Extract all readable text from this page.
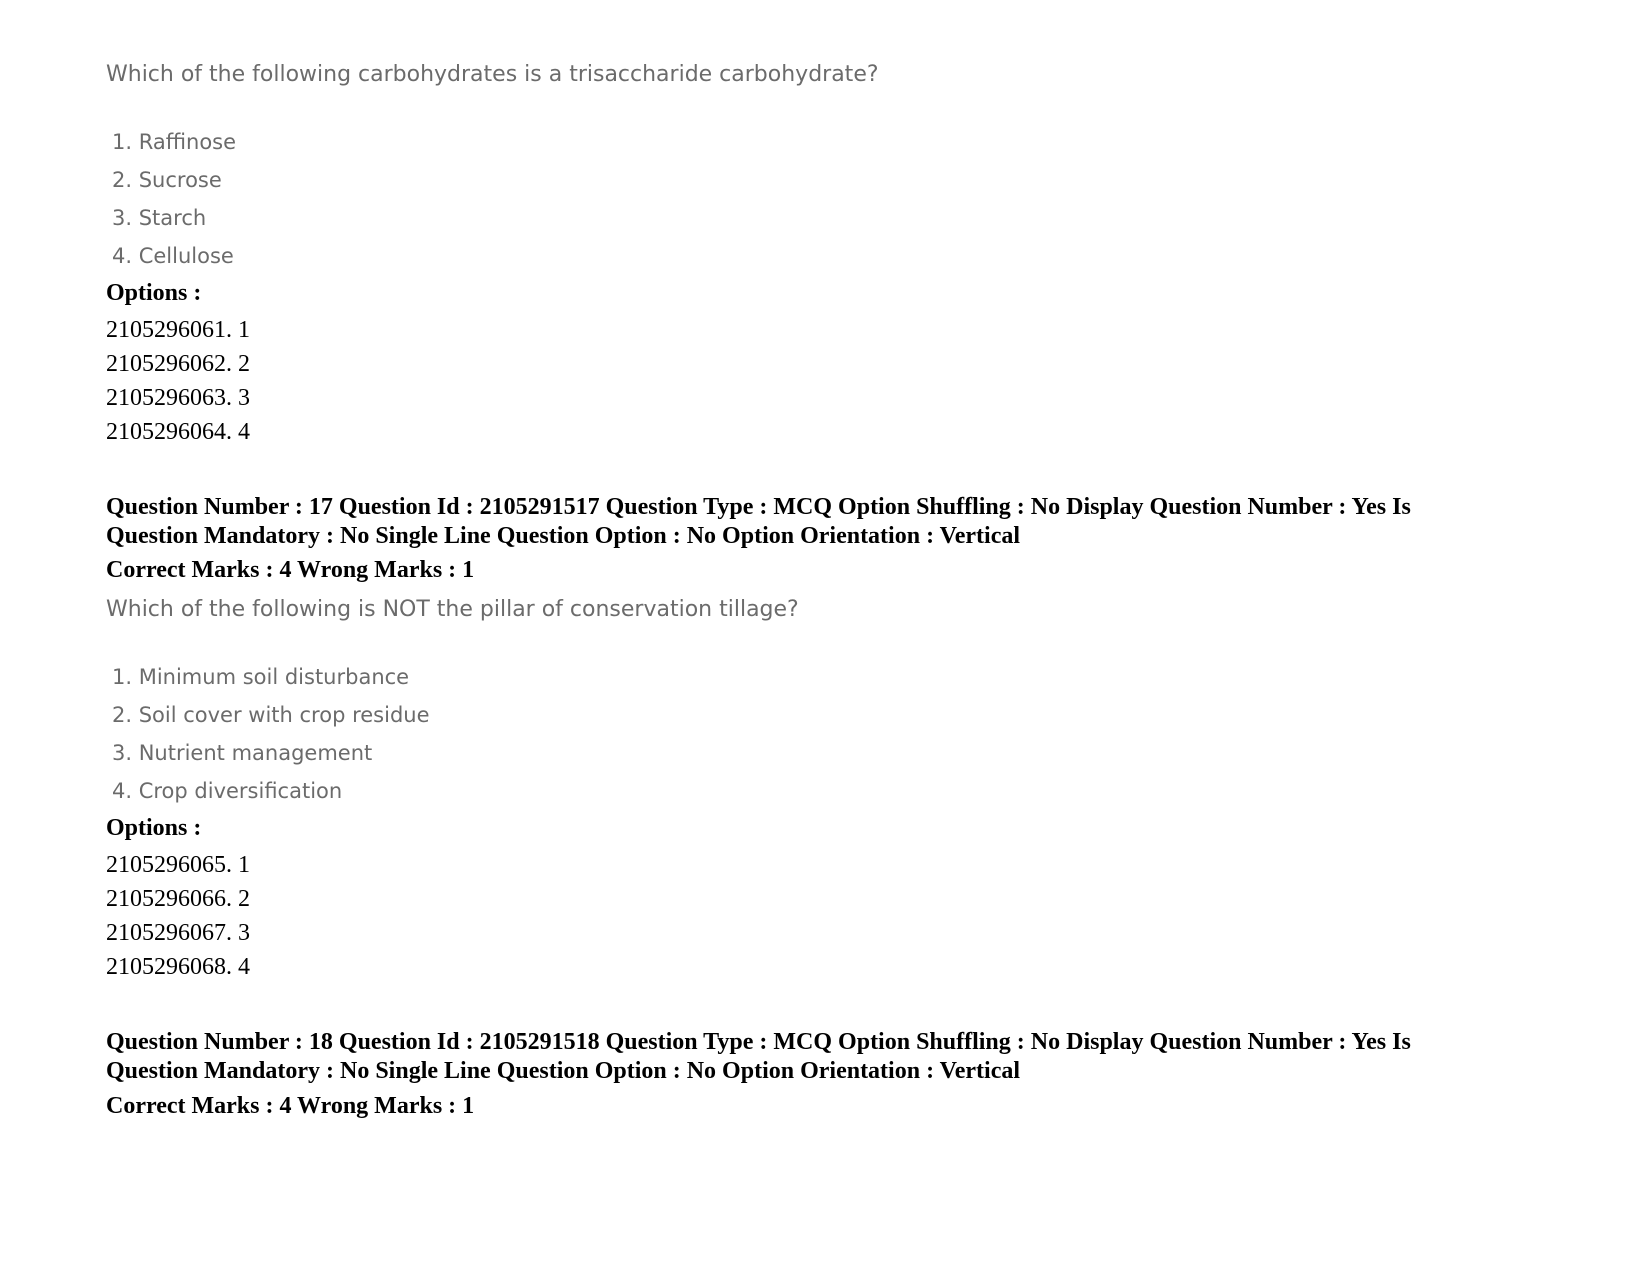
Which of the following carbohydrates is a trisaccharide carbohydrate?

1. Raffinose
2. Sucrose
3. Starch
4. Cellulose

Options :

2105296061. 1
2105296062. 2
2105296063. 3
2105296064. 4

Question Number : 17 Question Id : 2105291517 Question Type : MCQ Option Shuffling : No Display Question Number : Yes Is Question Mandatory : No Single Line Question Option : No Option Orientation : Vertical

Correct Marks : 4 Wrong Marks : 1

Which of the following is NOT the pillar of conservation tillage?

1. Minimum soil disturbance
2. Soil cover with crop residue
3. Nutrient management
4. Crop diversification

Options :

2105296065. 1
2105296066. 2
2105296067. 3
2105296068. 4

Question Number : 18 Question Id : 2105291518 Question Type : MCQ Option Shuffling : No Display Question Number : Yes Is Question Mandatory : No Single Line Question Option : No Option Orientation : Vertical

Correct Marks : 4 Wrong Marks : 1
